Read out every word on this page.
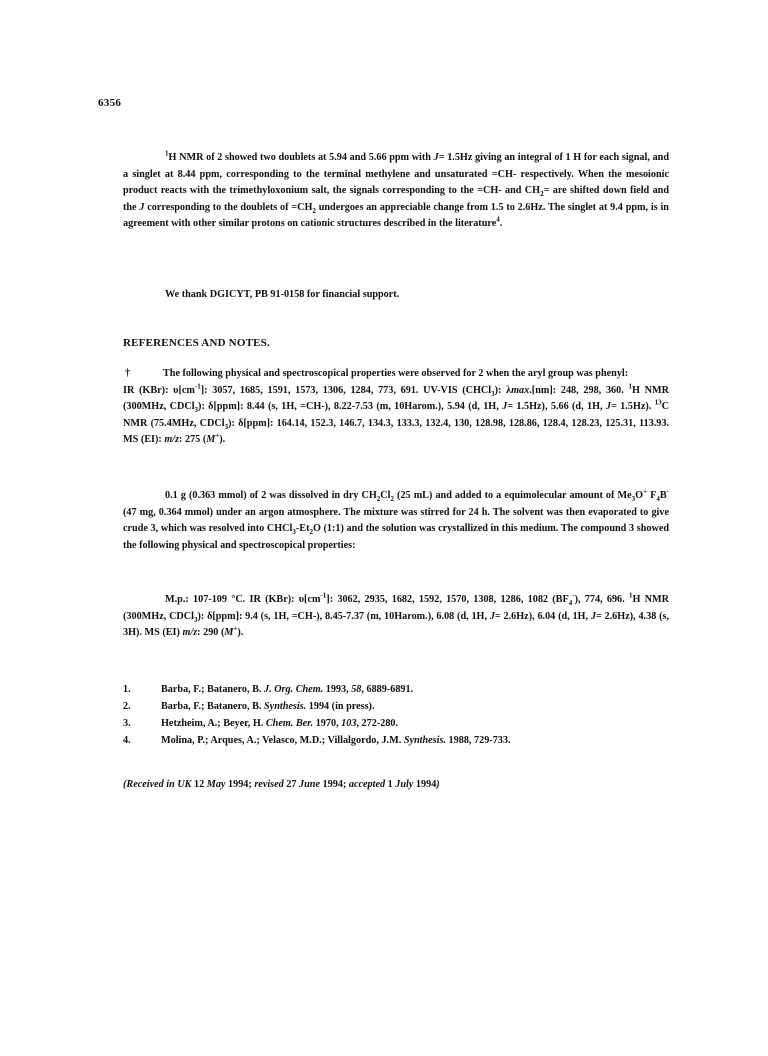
6356
$^1$H NMR of 2 showed two doublets at 5.94 and 5.66 ppm with J= 1.5Hz giving an integral of 1 H for each signal, and a singlet at 8.44 ppm, corresponding to the terminal methylene and unsaturated =CH- respectively. When the mesoionic product reacts with the trimethyloxonium salt, the signals corresponding to the =CH- and $CH_2=$ are shifted down field and the J corresponding to the doublets of $=CH_2$ undergoes an appreciable change from 1.5 to 2.6Hz. The singlet at 9.4 ppm, is in agreement with other similar protons on cationic structures described in the literature$^4$.
We thank DGICYT, PB 91-0158 for financial support.
REFERENCES AND NOTES.
†	The following physical and spectroscopical properties were observed for 2 when the aryl group was phenyl:
IR (KBr): $\upsilon[cm^{-1}]$: 3057, 1685, 1591, 1573, 1306, 1284, 773, 691. UV-VIS (CHCl$_3$): λmax.[nm]: 248, 298, 360. $^1$H NMR (300MHz, CDCl$_3$): δ[ppm]: 8.44 (s, 1H, =CH-), 8.22-7.53 (m, 10Harom.), 5.94 (d, 1H, J= 1.5Hz), 5.66 (d, 1H, J= 1.5Hz). $^{13}$C NMR (75.4MHz, CDCl$_3$): δ[ppm]: 164.14, 152.3, 146.7, 134.3, 133.3, 132.4, 130, 128.98, 128.86, 128.4, 128.23, 125.31, 113.93. MS (EI): m/z: 275 (M+).
0.1 g (0.363 mmol) of 2 was dissolved in dry $CH_2Cl_2$ (25 mL) and added to a equimolecular amount of $Me_3O^+$ $F_4B^-$ (47 mg, 0.364 mmol) under an argon atmosphere. The mixture was stirred for 24 h. The solvent was then evaporated to give crude 3, which was resolved into $CHCl_3-Et_2O$ (1:1) and the solution was crystallized in this medium. The compound 3 showed the following physical and spectroscopical properties:
M.p.: 107-109 °C. IR (KBr): $\upsilon[cm^{-1}]$: 3062, 2935, 1682, 1592, 1570, 1308, 1286, 1082 $(BF_4^-)$, 774, 696. $^1$H NMR (300MHz, CDCl$_3$): δ[ppm]: 9.4 (s, 1H, =CH-), 8.45-7.37 (m, 10Harom.), 6.08 (d, 1H, J= 2.6Hz), 6.04 (d, 1H, J= 2.6Hz), 4.38 (s, 3H). MS (EI) m/z: 290 (M+).
1.	Barba, F.; Batanero, B. J. Org. Chem. 1993, 58, 6889-6891.
2.	Barba, F.; Batanero, B. Synthesis. 1994 (in press).
3.	Hetzheim, A.; Beyer, H. Chem. Ber. 1970, 103, 272-280.
4.	Molina, P.; Arques, A.; Velasco, M.D.; Villalgordo, J.M. Synthesis. 1988, 729-733.
(Received in UK 12 May 1994; revised 27 June 1994; accepted 1 July 1994)
